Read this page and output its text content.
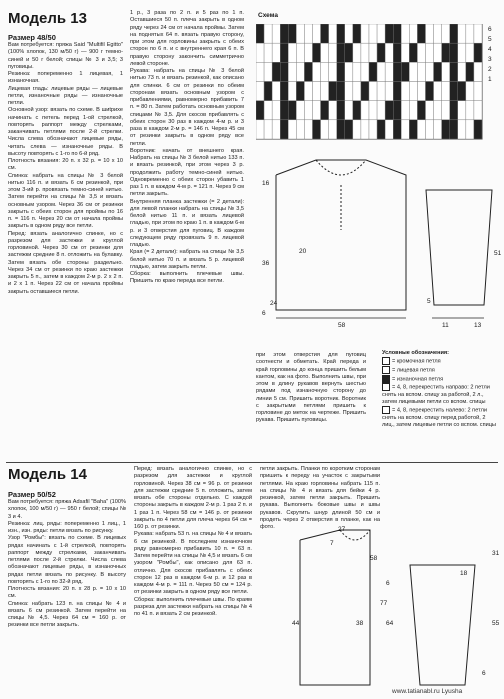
Модель 13
Размер 48/50

Вам потребуется: пряжа Said "Multifil Egitto" (100% хлопок, 130 м/50 г) — 900 г темно-синей и 50 г белой; спицы № 3 и 3,5; 3 пуговицы.

Резинка: попеременно 1 лицевая, 1 изнаночная.

Лицевая гладь: лицевые ряды — лицевые петли, изнаночные ряды — изнаночные петли.

Основной узор: вязать по схеме. В шиtрихе начинать с петель перед 1-ой стрелкой, повторять раппорт между стрелками, заканчивать петлями после 2-й стрелки. Числа слева обозначают лицевые ряды, читать слева — изнаночные ряды. В высоту повторять с 1-го по 6-й ряд.

Плотность вязания: 20 п. х 32 р. = 10 х 10 см.

Спинка: набрать на спицы № 3 белой нитью 116 п. и вязать 6 см резинкой, при этом 3-ий р. провязать темно-синей нитью. Затем перейти на спицы № 3,5 и вязать основным узором. Через 36 см от резинки закрыть с обеих сторон для проймы по 16 п. = 116 п. Через 20 см от начала проймы закрыть в одном ряду все петли.

Перед: вязать аналогично спинке, но с разрезом для застежки и круглой горловиной. Через 30 см от резинки для застежки средние 8 п. отложить на булавку. Затем вязать обе стороны раздельно. Через 34 см от резинки по краю застежки закрыть 5 п., затем в каждом 2-м р. 2 х 2 п. и 2 х 1 п. Через 22 см от начала проймы закрыть оставшиеся петли.

1 р., 3 раза по 2 п. и 5 раз по 1 п. Оставшиеся 50 п. плеча закрыть в одном ряду через 24 см от начала проймы. Затем на поднятых 64 п. вязать правую сторону, при этом для горловины закрыть с обеих сторон по 6 п. и с внутреннего края 6 п. В правую сторону закончить симметрично левой стороне.

Рукава: набрать на спицы № 3 белой нитью 73 п. и вязать резинкой, как описано для спинки. 6 см от резинки по обеим сторонам вязать основным узором с прибавлениями, равномерно прибавить 7 п. = 80 п. Затем работать основным узором спицами № 3,5. Для скосов прибавлять с обеих сторон 30 раз в каждом 4-м р. и 3 раза в каждом 2-м р. = 146 п. Через 45 см от резинки закрыть в одном ряду все петли.

Воротник: начать от внешнего края. Набрать на спицы № 3 белой нитью 133 п. и вязать резинкой, при этом через 3 р. продолжить работу темно-синей нитью. Одновременно с обеих сторон убавить 1 раз 1 п. в каждом 4-м р. = 121 п. Через 9 см петли закрыть.

Внутренняя планка застежки (= 2 детали): для левой планки набрать на спицы № 3,5 белой нитью 11 п. и вязать лицевой гладью, при этом по краю 1 п. в каждом 6-м р. и 3 отверстия для пуговиц. В каждом следующем ряду провязать 9 п. лицевой гладью.

Края (= 2 детали): набрать на спицы № 3,5 белой нитью 70 п. и вязать 5 р. лицевой гладью, затем закрыть петли.

Сборка: выполнить плечевые швы. Пришить по краю переда все петли.

при этом отверстия для пуговиц соотнести и обметать. Край переда и край горловины до конца пришить белым кантом, как на фото. Выполнить швы, при этом в длину рукавов вернуть шестью рядами под изнаночную сторону до линии 5 см. Пришить воротник. Воротник с закрытыми петлями пришить к горловине до меток на чертеже. Пришить рукава. Пришить пуговицы.

Схема
6
5
4
3
2
1
58
36
16
20
24
51
11	13
5
6
Условные обозначения:
= кромочная петля
= лицевая петля
= изнаночная петля
= 4, 8, перекрестить направо: 2 петли снять на вспом. спицу за работой, 2 л., затем лицевыми петли со вспом. спицы
= 4, 8, перекрестить налево: 2 петли снять на вспом. спицу перед работой, 2 лиц., затем лицевые петли со вспом. спицы
Модель 14
Размер 50/52

Вам потребуется: пряжа Adsafil "Baha" (100% хлопок, 100 м/50 г) — 950 г белой; спицы № 3 и 4.

Резинка: лиц. ряды: попеременно 1 лиц., 1 изн., изн. ряды: петли вязать по рисунку.

Узор "Ромбы": вязать по схеме. В лицевых рядах начинать с 1-й стрелкой, повторять раппорт между стрелками, заканчивать петлями после 2-й стрелки. Числа слева обозначают лицевые ряды, в изнаночных рядах петли вязать по рисунку. В высоту повторять с 1-го по 32-й ряд.

Плотность вязания: 20 п. х 28 р. = 10 х 10 см.

Спинка: набрать 123 п. на спицы № 4 и вязать 6 см резинкой. Затем перейти на спицы № 4,5. Через 64 см = 160 р. от резинки все петли закрыть.

Перед: вязать аналогично спинке, но с разрезом для застежки и круглой горловиной. Через 38 см = 96 р. от резинки для застежки средние 5 п. отложить, затем вязать обе стороны отдельно. С каждой стороны закрыть в каждом 2-м р. 1 раз 2 п. и 1 раз 1 п. Через 58 см = 146 р. от резинки закрыть по 4 петли для плеча через 64 см = 160 р. от резинки.

Рукава: набрать 53 п. на спицы № 4 и вязать 6 см резинкой. В последнем изнаночном ряду равномерно прибавить 10 п. = 63 п. Затем перейти на спицы № 4,5 и вязать 6 см узором "Ромбы", как описано для 63 п. отлично. Для скосов прибавлять с обеих сторон 12 раз в каждом 6-м р. и 12 раз в каждом 4-м р. = 111 п. Через 50 см = 124 р. от резинки закрыть в одном ряду все петли.

Сборка: выполнить плечевые швы. По краям разреза для застежки набрать на спицы № 4 по 41 п. и вязать 2 см резинкой.

петли закрыть. Планки по коротким сторонам пришить к переду на участок с закрытыми петлями. На краю горловины набрать 115 п. на спицы № 4 и вязать для бейки 4 р. резинкой, затем петли закрыть. Пришить рукава. Выполнить боковые швы и швы рукавов. Скрутить шнур длиной 50 см и продеть через 2 отверстия в планке, как на фото.	27
77
7
6
44	38
58
64
31
6
18
55
www.tatianabl.ru Lyusha
